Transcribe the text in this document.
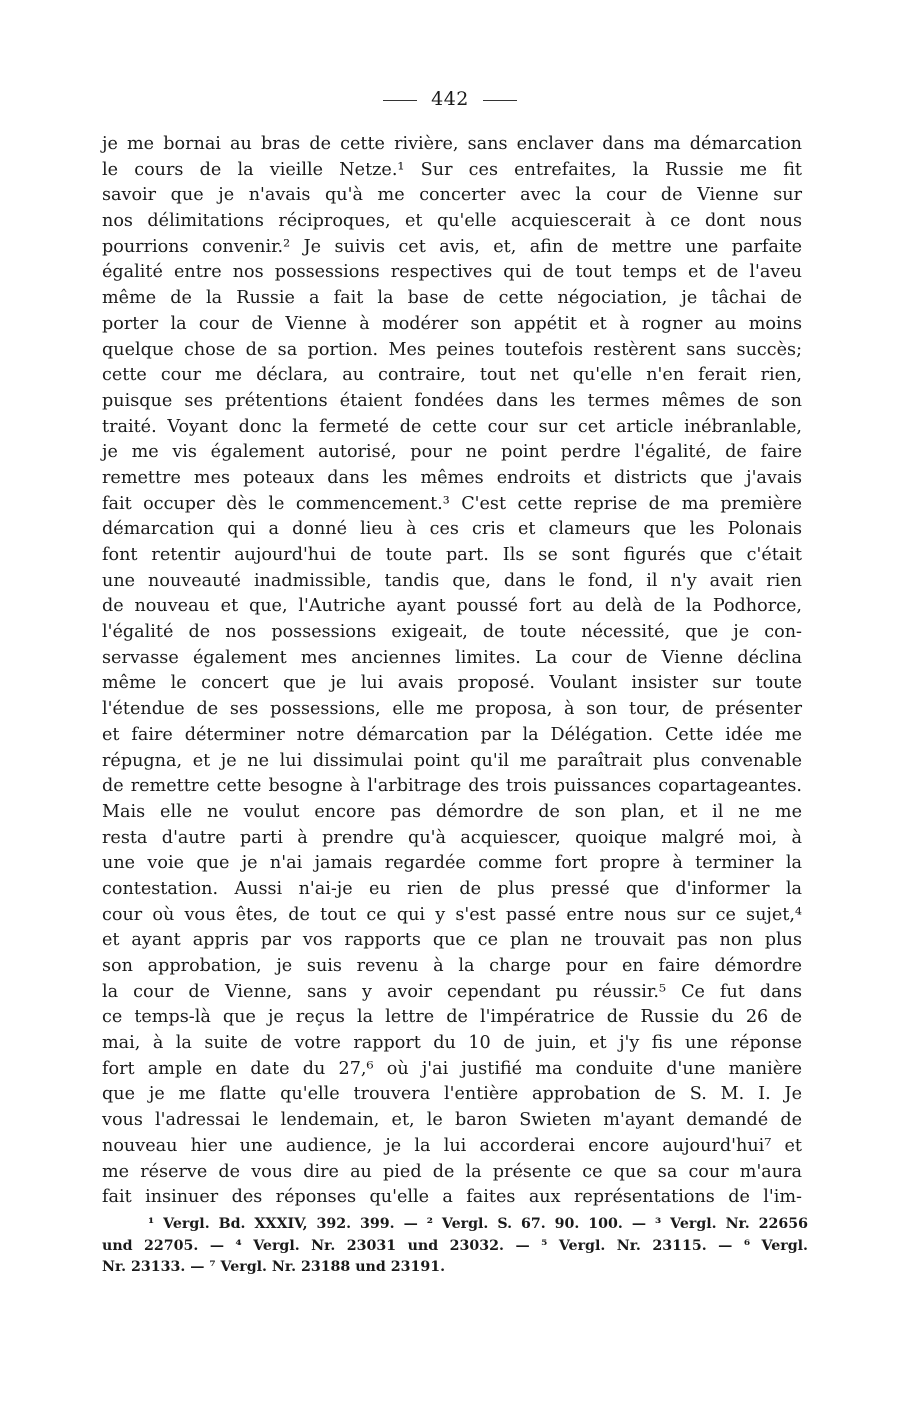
442
je me bornai au bras de cette rivière, sans enclaver dans ma démarcation
le cours de la vieille Netze.¹ Sur ces entrefaites, la Russie me fit
savoir que je n'avais qu'à me concerter avec la cour de Vienne sur
nos délimitations réciproques, et qu'elle acquiescerait à ce dont nous
pourrions convenir.² Je suivis cet avis, et, afin de mettre une parfaite
égalité entre nos possessions respectives qui de tout temps et de l'aveu
même de la Russie a fait la base de cette négociation, je tâchai de
porter la cour de Vienne à modérer son appétit et à rogner au moins
quelque chose de sa portion. Mes peines toutefois restèrent sans succès;
cette cour me déclara, au contraire, tout net qu'elle n'en ferait rien,
puisque ses prétentions étaient fondées dans les termes mêmes de son
traité. Voyant donc la fermeté de cette cour sur cet article inébranlable,
je me vis également autorisé, pour ne point perdre l'égalité, de faire
remettre mes poteaux dans les mêmes endroits et districts que j'avais
fait occuper dès le commencement.³ C'est cette reprise de ma première
démarcation qui a donné lieu à ces cris et clameurs que les Polonais
font retentir aujourd'hui de toute part. Ils se sont figurés que c'était
une nouveauté inadmissible, tandis que, dans le fond, il n'y avait rien
de nouveau et que, l'Autriche ayant poussé fort au delà de la Podhorce,
l'égalité de nos possessions exigeait, de toute nécessité, que je con-
servasse également mes anciennes limites. La cour de Vienne déclina
même le concert que je lui avais proposé. Voulant insister sur toute
l'étendue de ses possessions, elle me proposa, à son tour, de présenter
et faire déterminer notre démarcation par la Délégation. Cette idée me
répugna, et je ne lui dissimulai point qu'il me paraîtrait plus convenable
de remettre cette besogne à l'arbitrage des trois puissances copartageantes.
Mais elle ne voulut encore pas démordre de son plan, et il ne me
resta d'autre parti à prendre qu'à acquiescer, quoique malgré moi, à
une voie que je n'ai jamais regardée comme fort propre à terminer la
contestation. Aussi n'ai-je eu rien de plus pressé que d'informer la
cour où vous êtes, de tout ce qui y s'est passé entre nous sur ce sujet,⁴
et ayant appris par vos rapports que ce plan ne trouvait pas non plus
son approbation, je suis revenu à la charge pour en faire démordre
la cour de Vienne, sans y avoir cependant pu réussir.⁵ Ce fut dans
ce temps-là que je reçus la lettre de l'impératrice de Russie du 26 de
mai, à la suite de votre rapport du 10 de juin, et j'y fis une réponse
fort ample en date du 27,⁶ où j'ai justifié ma conduite d'une manière
que je me flatte qu'elle trouvera l'entière approbation de S. M. I. Je
vous l'adressai le lendemain, et, le baron Swieten m'ayant demandé de
nouveau hier une audience, je la lui accorderai encore aujourd'hui⁷ et
me réserve de vous dire au pied de la présente ce que sa cour m'aura
fait insinuer des réponses qu'elle a faites aux représentations de l'im-
¹ Vergl. Bd. XXXIV, 392. 399. — ² Vergl. S. 67. 90. 100. — ³ Vergl. Nr. 22656
und 22705. — ⁴ Vergl. Nr. 23031 und 23032. — ⁵ Vergl. Nr. 23115. — ⁶ Vergl.
Nr. 23133. — ⁷ Vergl. Nr. 23188 und 23191.
